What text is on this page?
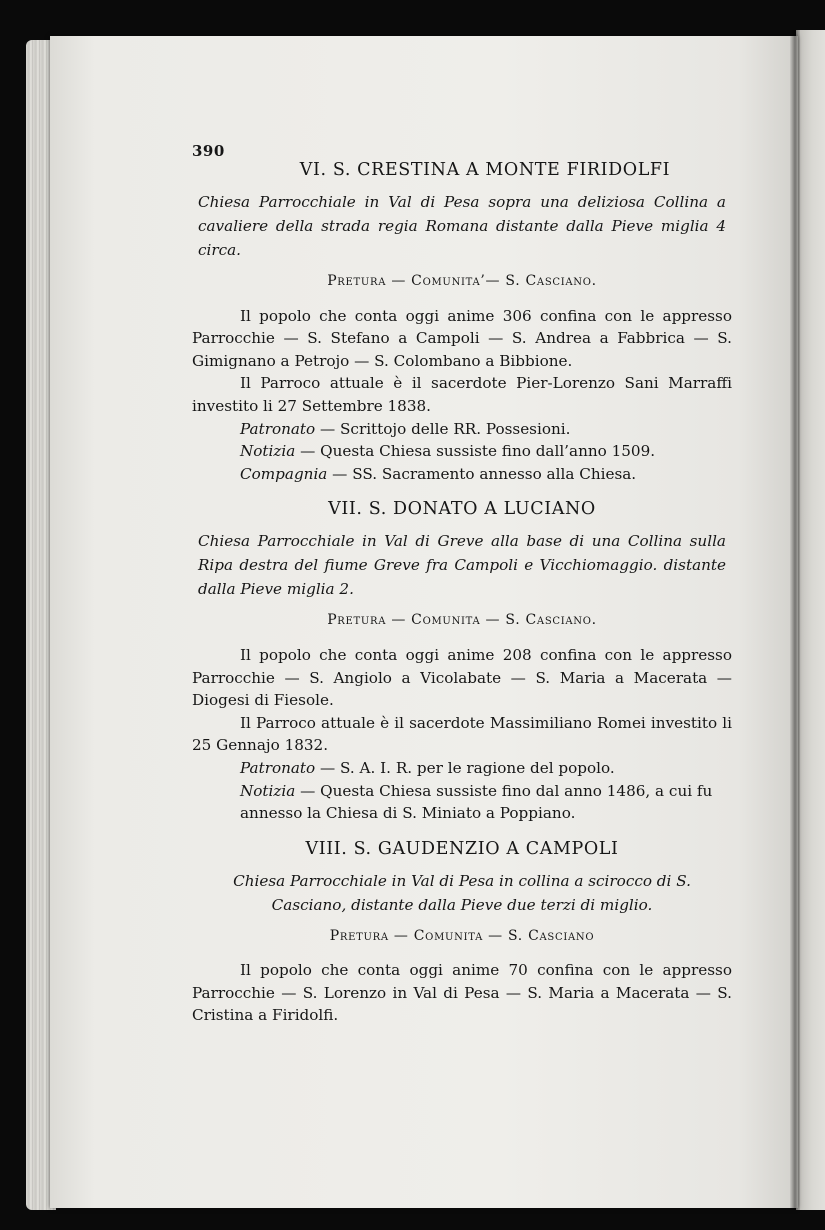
390
VI. S. CRESTINA A MONTE FIRIDOLFI
Chiesa Parrocchiale in Val di Pesa sopra una deliziosa Collina a cavaliere della strada regia Romana distante dalla Pieve miglia 4 circa.
Pretura — Comunita’— S. Casciano.

Il popolo che conta oggi anime 306 confina con le appresso Parrocchie — S. Stefano a Campoli — S. Andrea a Fabbrica — S. Gimignano a Petrojo — S. Colombano a Bibbione.

Il Parroco attuale è il sacerdote Pier-Lorenzo Sani Marraffi investito li 27 Settembre 1838.

Patronato — Scrittojo delle RR. Possesioni.

Notizia — Questa Chiesa sussiste fino dall’anno 1509.

Compagnia — SS. Sacramento annesso alla Chiesa.

VII. S. DONATO A LUCIANO
Chiesa Parrocchiale in Val di Greve alla base di una Collina sulla Ripa destra del fiume Greve fra Campoli e Vicchiomaggio. distante dalla Pieve miglia 2.
Pretura — Comunita — S. Casciano.

Il popolo che conta oggi anime 208 confina con le appresso Parrocchie — S. Angiolo a Vicolabate — S. Maria a Macerata — Diogesi di Fiesole.

Il Parroco attuale è il sacerdote Massimiliano Romei investito li 25 Gennajo 1832.

Patronato — S. A. I. R. per le ragione del popolo.

Notizia — Questa Chiesa sussiste fino dal anno 1486, a cui fu annesso la Chiesa di S. Miniato a Poppiano.

VIII. S. GAUDENZIO A CAMPOLI
Chiesa Parrocchiale in Val di Pesa in collina a scirocco di S. Casciano, distante dalla Pieve due terzi di miglio.
Pretura — Comunita — S. Casciano

Il popolo che conta oggi anime 70 confina con le appresso Parrocchie — S. Lorenzo in Val di Pesa — S. Maria a Macerata — S. Cristina a Firidolfi.
